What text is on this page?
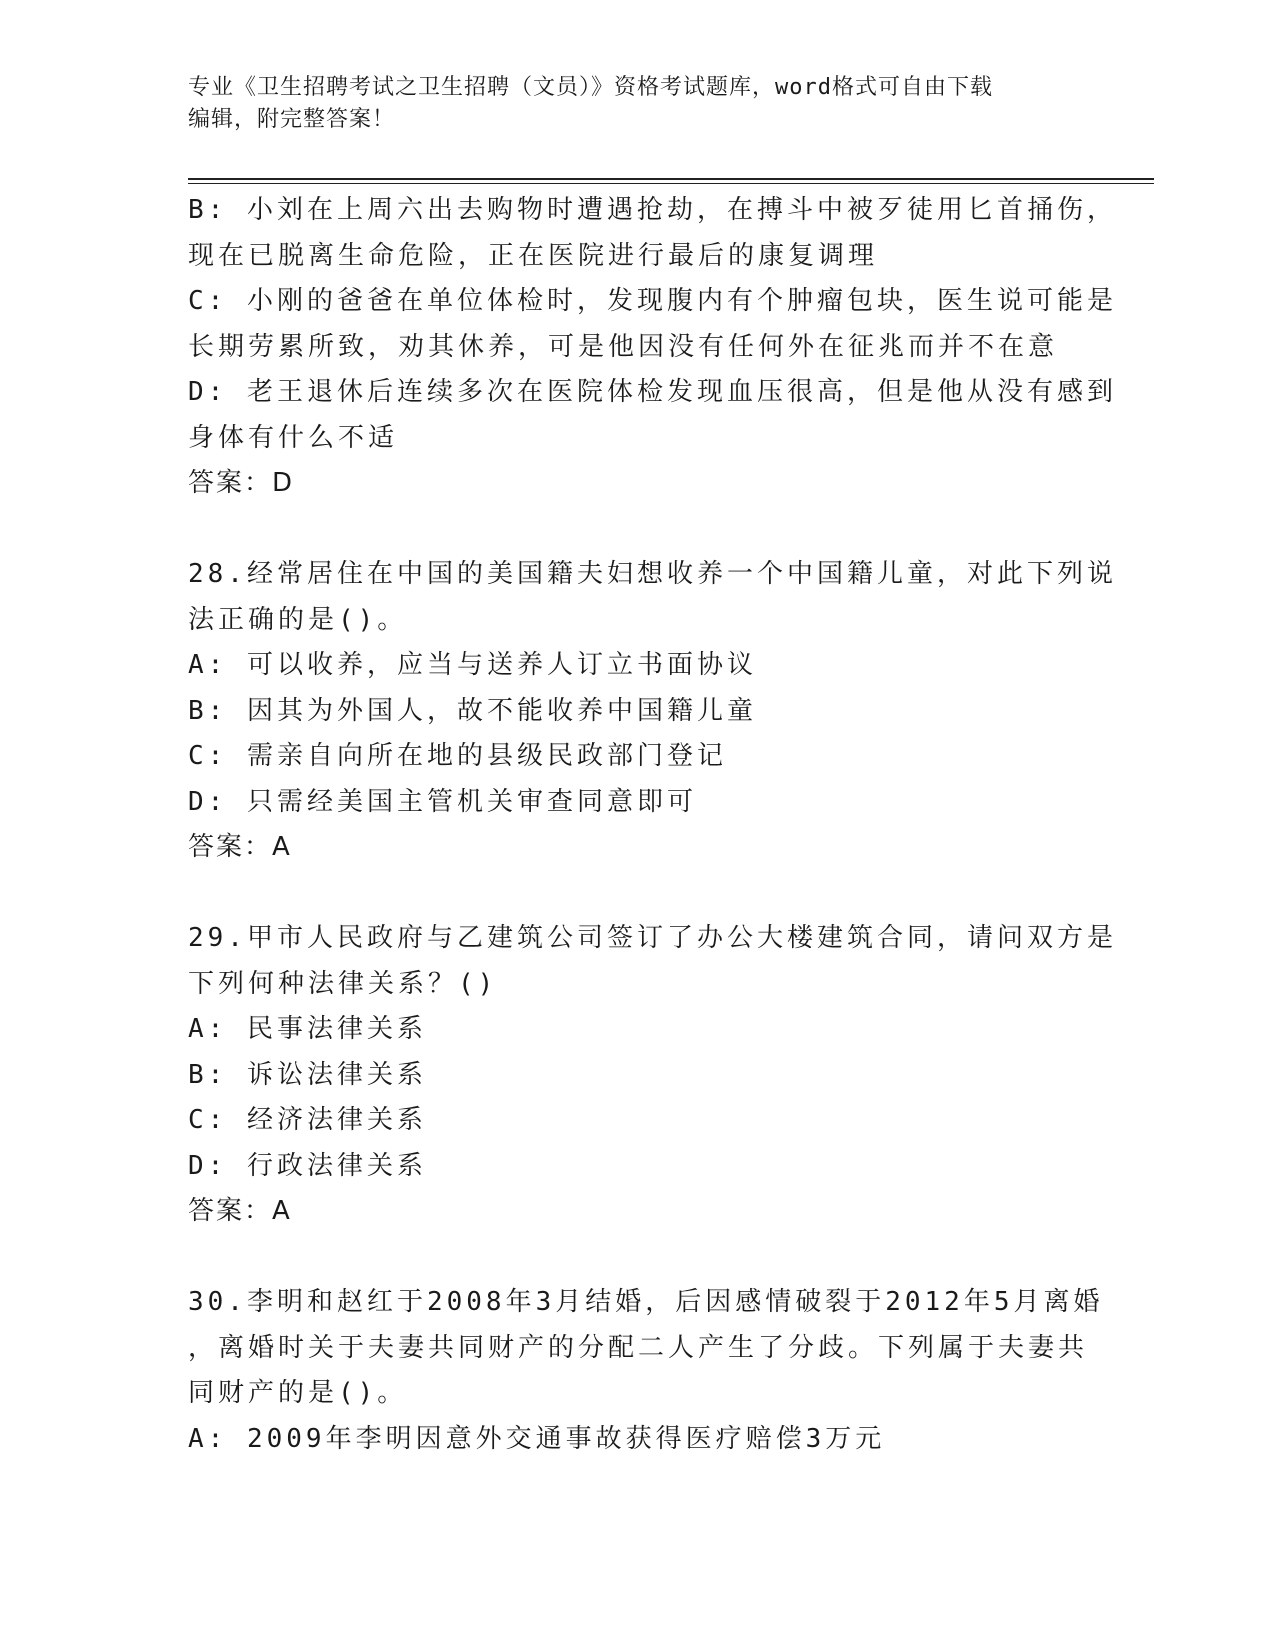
专业《卫生招聘考试之卫生招聘（文员）》资格考试题库，word格式可自由下载
编辑，附完整答案！
B: 小刘在上周六出去购物时遭遇抢劫，在搏斗中被歹徒用匕首捅伤，
现在已脱离生命危险，正在医院进行最后的康复调理
C: 小刚的爸爸在单位体检时，发现腹内有个肿瘤包块，医生说可能是
长期劳累所致，劝其休养，可是他因没有任何外在征兆而并不在意
D: 老王退休后连续多次在医院体检发现血压很高，但是他从没有感到
身体有什么不适
答案：D
28.经常居住在中国的美国籍夫妇想收养一个中国籍儿童，对此下列说
法正确的是()。
A: 可以收养，应当与送养人订立书面协议
B: 因其为外国人，故不能收养中国籍儿童
C: 需亲自向所在地的县级民政部门登记
D: 只需经美国主管机关审查同意即可
答案：A
29.甲市人民政府与乙建筑公司签订了办公大楼建筑合同，请问双方是
下列何种法律关系？()
A: 民事法律关系
B: 诉讼法律关系
C: 经济法律关系
D: 行政法律关系
答案：A
30.李明和赵红于2008年3月结婚，后因感情破裂于2012年5月离婚
，离婚时关于夫妻共同财产的分配二人产生了分歧。下列属于夫妻共
同财产的是()。
A: 2009年李明因意外交通事故获得医疗赔偿3万元
